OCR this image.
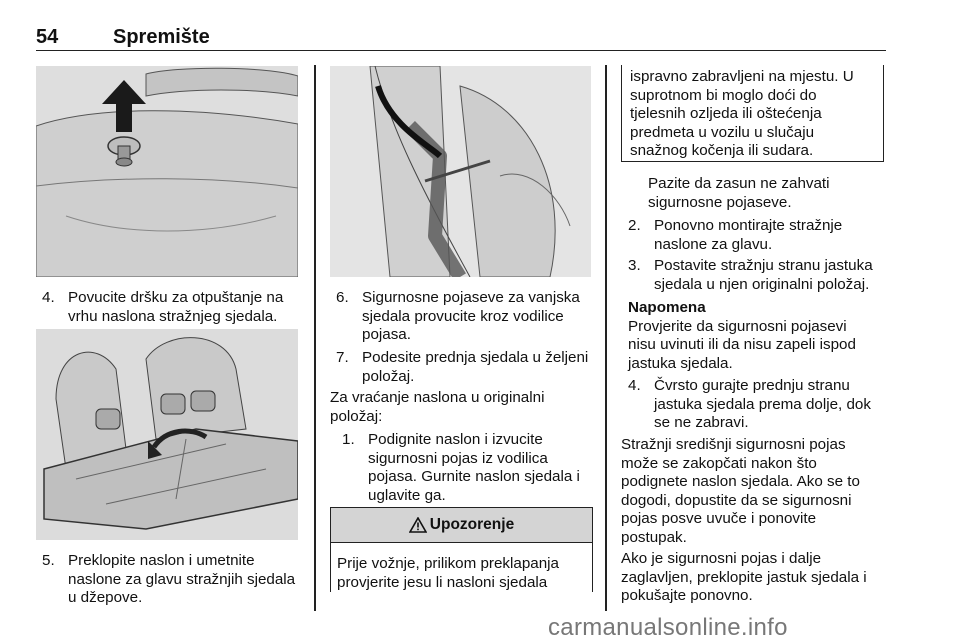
54	Spremište
4. Povucite dršku za otpuštanje na vrhu naslona stražnjeg sjedala.
5. Preklopite naslon i umetnite naslone za glavu stražnjih sjedala u džepove.
6. Sigurnosne pojaseve za vanjska sjedala provucite kroz vodilice pojasa.
7. Podesite prednja sjedala u željeni položaj.

Za vraćanje naslona u originalni položaj:

1. Podignite naslon i izvucite sigurnosni pojas iz vodilica pojasa. Gurnite naslon sjedala i uglavite ga.
Upozorenje
Prije vožnje, prilikom preklapanja provjerite jesu li nasloni sjedala
ispravno zabravljeni na mjestu. U suprotnom bi moglo doći do tjelesnih ozljeda ili oštećenja predmeta u vozilu u slučaju snažnog kočenja ili sudara.

Pazite da zasun ne zahvati sigurnosne pojaseve.

2. Ponovno montirajte stražnje naslone za glavu.
3. Postavite stražnju stranu jastuka sjedala u njen originalni položaj.
Napomena
Provjerite da sigurnosni pojasevi nisu uvinuti ili da nisu zapeli ispod jastuka sjedala.
4. Čvrsto gurajte prednju stranu jastuka sjedala prema dolje, dok se ne zabravi.

Stražnji središnji sigurnosni pojas može se zakopčati nakon što podignete naslon sjedala. Ako se to dogodi, dopustite da se sigurnosni pojas posve uvuče i ponovite postupak.

Ako je sigurnosni pojas i dalje zaglavljen, preklopite jastuk sjedala i pokušajte ponovno.

carmanualsonline.info
